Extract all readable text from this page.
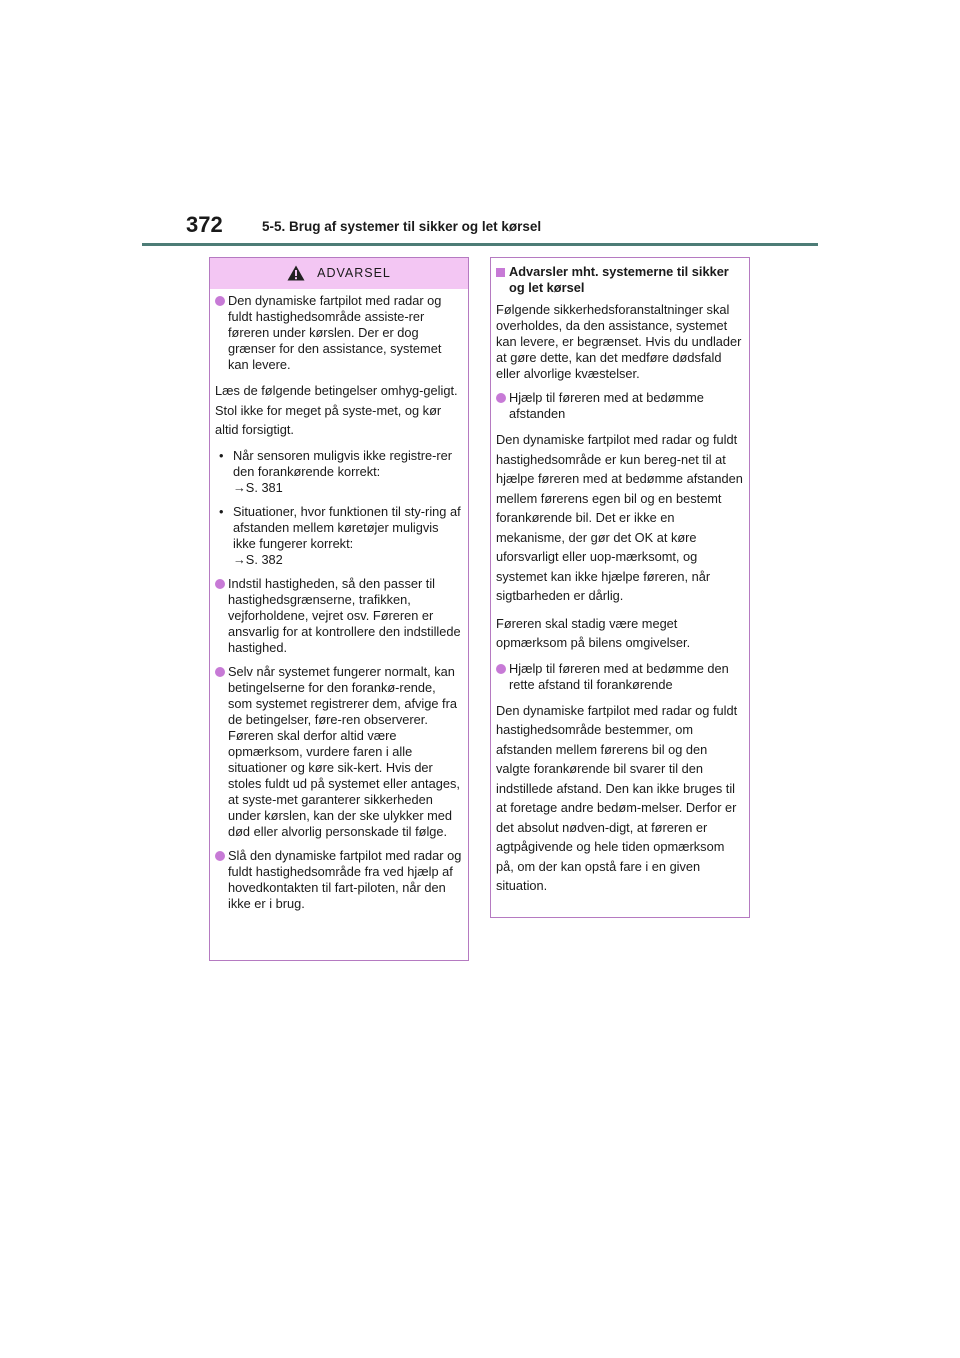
372	5-5. Brug af systemer til sikker og let kørsel
ADVARSEL
Den dynamiske fartpilot med radar og fuldt hastighedsområde assiste-rer føreren under kørslen. Der er dog grænser for den assistance, systemet kan levere.
Læs de følgende betingelser omhyg-geligt. Stol ikke for meget på syste-met, og kør altid forsigtigt.
• Når sensoren muligvis ikke registre-rer den forankørende korrekt:
→S. 381
• Situationer, hvor funktionen til sty-ring af afstanden mellem køretøjer muligvis ikke fungerer korrekt:
→S. 382
Indstil hastigheden, så den passer til hastighedsgrænserne, trafikken, vejforholdene, vejret osv. Føreren er ansvarlig for at kontrollere den indstillede hastighed.
Selv når systemet fungerer normalt, kan betingelserne for den forankø-rende, som systemet registrerer dem, afvige fra de betingelser, føre-ren observerer. Føreren skal derfor altid være opmærksom, vurdere faren i alle situationer og køre sik-kert. Hvis der stoles fuldt ud på systemet eller antages, at syste-met garanterer sikkerheden under kørslen, kan der ske ulykker med død eller alvorlig personskade til følge.
Slå den dynamiske fartpilot med radar og fuldt hastighedsområde fra ved hjælp af hovedkontakten til fart-piloten, når den ikke er i brug.
Advarsler mht. systemerne til sikker og let kørsel
Følgende sikkerhedsforanstaltninger skal overholdes, da den assistance, systemet kan levere, er begrænset. Hvis du undlader at gøre dette, kan det medføre dødsfald eller alvorlige kvæstelser.
Hjælp til føreren med at bedømme afstanden
Den dynamiske fartpilot med radar og fuldt hastighedsområde er kun bereg-net til at hjælpe føreren med at bedømme afstanden mellem førerens egen bil og en bestemt forankørende bil. Det er ikke en mekanisme, der gør det OK at køre uforsvarligt eller uop-mærksomt, og systemet kan ikke hjælpe føreren, når sigtbarheden er dårlig.
Føreren skal stadig være meget opmærksom på bilens omgivelser.
Hjælp til føreren med at bedømme den rette afstand til forankørende
Den dynamiske fartpilot med radar og fuldt hastighedsområde bestemmer, om afstanden mellem førerens bil og den valgte forankørende bil svarer til den indstillede afstand. Den kan ikke bruges til at foretage andre bedøm-melser. Derfor er det absolut nødven-digt, at føreren er agtpågivende og hele tiden opmærksom på, om der kan opstå fare i en given situation.
